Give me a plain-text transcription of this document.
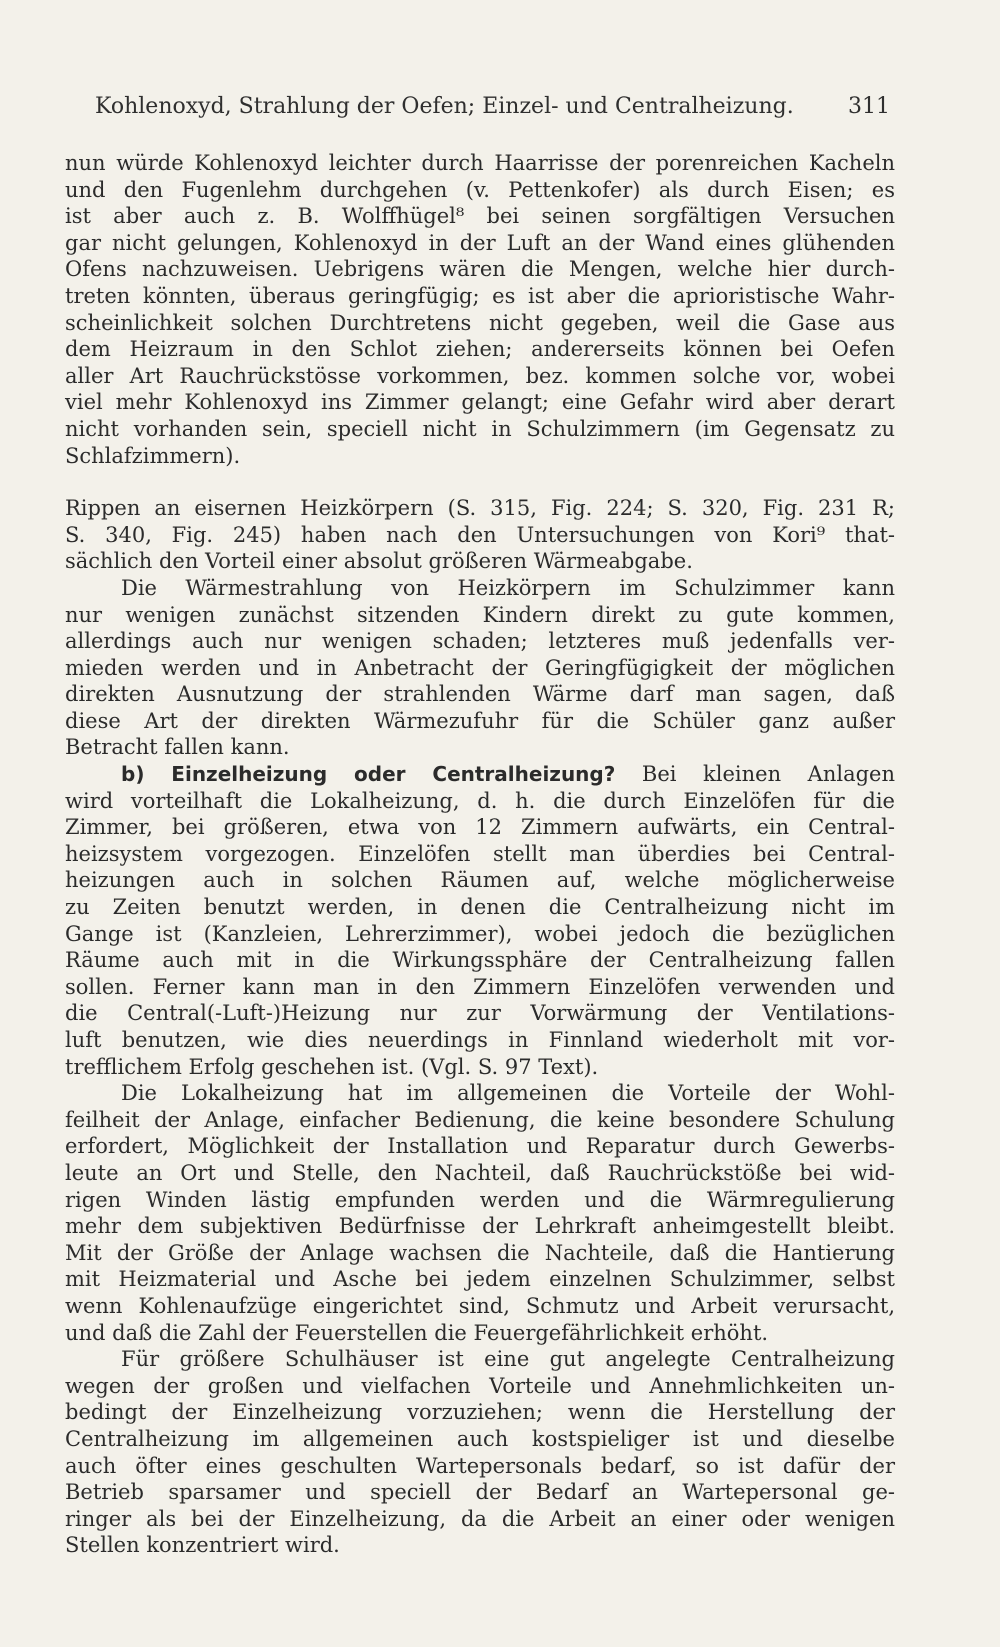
Kohlenoxyd, Strahlung der Oefen; Einzel- und Centralheizung. 311
nun würde Kohlenoxyd leichter durch Haarrisse der porenreichen Kacheln
und den Fugenlehm durchgehen (v. Pettenkofer) als durch Eisen; es
ist aber auch z. B. Wolffhügel⁸ bei seinen sorgfältigen Versuchen
gar nicht gelungen, Kohlenoxyd in der Luft an der Wand eines glühenden
Ofens nachzuweisen. Uebrigens wären die Mengen, welche hier durch-
treten könnten, überaus geringfügig; es ist aber die aprioristische Wahr-
scheinlichkeit solchen Durchtretens nicht gegeben, weil die Gase aus
dem Heizraum in den Schlot ziehen; andererseits können bei Oefen
aller Art Rauchrückstösse vorkommen, bez. kommen solche vor, wobei
viel mehr Kohlenoxyd ins Zimmer gelangt; eine Gefahr wird aber derart
nicht vorhanden sein, speciell nicht in Schulzimmern (im Gegensatz zu
Schlafzimmern).
Rippen an eisernen Heizkörpern (S. 315, Fig. 224; S. 320, Fig. 231 R;
S. 340, Fig. 245) haben nach den Untersuchungen von Kori⁹ that-
sächlich den Vorteil einer absolut größeren Wärmeabgabe.
Die Wärmestrahlung von Heizkörpern im Schulzimmer kann
nur wenigen zunächst sitzenden Kindern direkt zu gute kommen,
allerdings auch nur wenigen schaden; letzteres muß jedenfalls ver-
mieden werden und in Anbetracht der Geringfügigkeit der möglichen
direkten Ausnutzung der strahlenden Wärme darf man sagen, daß
diese Art der direkten Wärmezufuhr für die Schüler ganz außer
Betracht fallen kann.
b) Einzelheizung oder Centralheizung? Bei kleinen Anlagen
wird vorteilhaft die Lokalheizung, d. h. die durch Einzelöfen für die
Zimmer, bei größeren, etwa von 12 Zimmern aufwärts, ein Central-
heizsystem vorgezogen. Einzelöfen stellt man überdies bei Central-
heizungen auch in solchen Räumen auf, welche möglicherweise
zu Zeiten benutzt werden, in denen die Centralheizung nicht im
Gange ist (Kanzleien, Lehrerzimmer), wobei jedoch die bezüglichen
Räume auch mit in die Wirkungssphäre der Centralheizung fallen
sollen. Ferner kann man in den Zimmern Einzelöfen verwenden und
die Central(-Luft-)Heizung nur zur Vorwärmung der Ventilations-
luft benutzen, wie dies neuerdings in Finnland wiederholt mit vor-
trefflichem Erfolg geschehen ist. (Vgl. S. 97 Text).
Die Lokalheizung hat im allgemeinen die Vorteile der Wohl-
feilheit der Anlage, einfacher Bedienung, die keine besondere Schulung
erfordert, Möglichkeit der Installation und Reparatur durch Gewerbs-
leute an Ort und Stelle, den Nachteil, daß Rauchrückstöße bei wid-
rigen Winden lästig empfunden werden und die Wärmregulierung
mehr dem subjektiven Bedürfnisse der Lehrkraft anheimgestellt bleibt.
Mit der Größe der Anlage wachsen die Nachteile, daß die Hantierung
mit Heizmaterial und Asche bei jedem einzelnen Schulzimmer, selbst
wenn Kohlenaufzüge eingerichtet sind, Schmutz und Arbeit verursacht,
und daß die Zahl der Feuerstellen die Feuergefährlichkeit erhöht.
Für größere Schulhäuser ist eine gut angelegte Centralheizung
wegen der großen und vielfachen Vorteile und Annehmlichkeiten un-
bedingt der Einzelheizung vorzuziehen; wenn die Herstellung der
Centralheizung im allgemeinen auch kostspieliger ist und dieselbe
auch öfter eines geschulten Wartepersonals bedarf, so ist dafür der
Betrieb sparsamer und speciell der Bedarf an Wartepersonal ge-
ringer als bei der Einzelheizung, da die Arbeit an einer oder wenigen
Stellen konzentriert wird.
